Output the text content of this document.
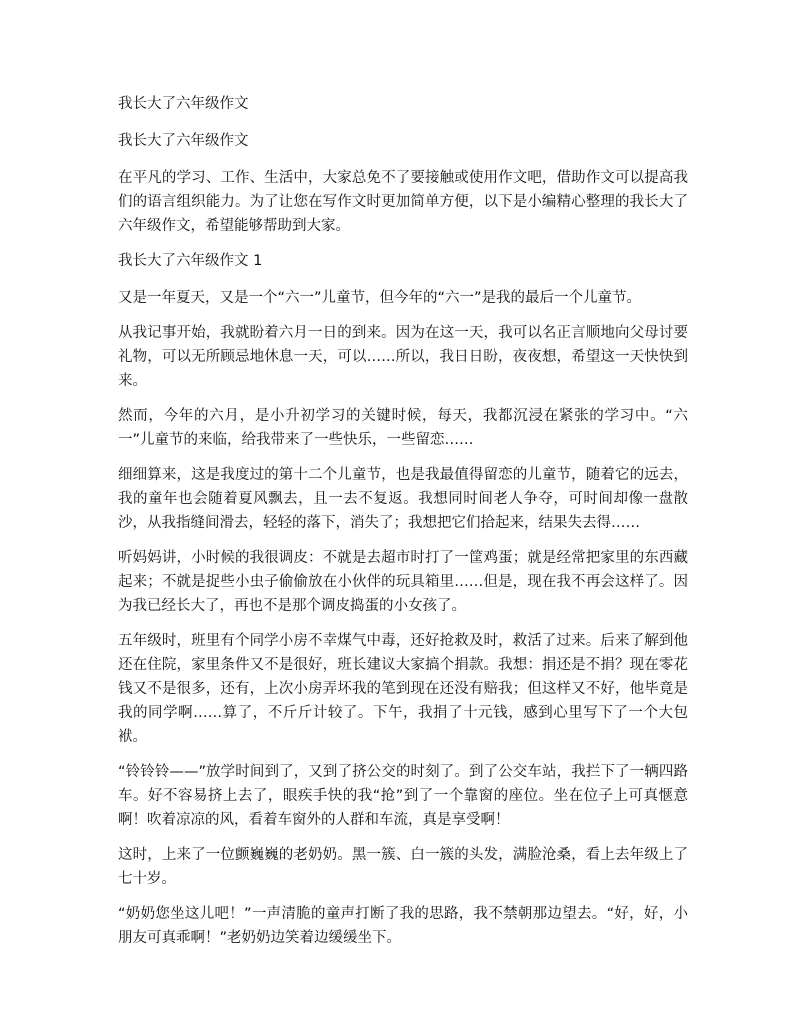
我长大了六年级作文
我长大了六年级作文

在平凡的学习、工作、生活中，大家总免不了要接触或使用作文吧，借助作文可以提高我们的语言组织能力。为了让您在写作文时更加简单方便，以下是小编精心整理的我长大了六年级作文，希望能够帮助到大家。

我长大了六年级作文 1

又是一年夏天，又是一个“六一”儿童节，但今年的“六一”是我的最后一个儿童节。

从我记事开始，我就盼着六月一日的到来。因为在这一天，我可以名正言顺地向父母讨要礼物，可以无所顾忌地休息一天，可以……所以，我日日盼，夜夜想，希望这一天快快到来。

然而，今年的六月，是小升初学习的关键时候，每天，我都沉浸在紧张的学习中。“六一”儿童节的来临，给我带来了一些快乐，一些留恋……

细细算来，这是我度过的第十二个儿童节，也是我最值得留恋的儿童节，随着它的远去，我的童年也会随着夏风飘去，且一去不复返。我想同时间老人争夺，可时间却像一盘散沙，从我指缝间滑去，轻轻的落下，消失了；我想把它们拾起来，结果失去得……

听妈妈讲，小时候的我很调皮：不就是去超市时打了一筐鸡蛋；就是经常把家里的东西藏起来；不就是捉些小虫子偷偷放在小伙伴的玩具箱里……但是，现在我不再会这样了。因为我已经长大了，再也不是那个调皮捣蛋的小女孩了。

五年级时，班里有个同学小房不幸煤气中毒，还好抢救及时，救活了过来。后来了解到他还在住院，家里条件又不是很好，班长建议大家搞个捐款。我想：捐还是不捐？现在零花钱又不是很多，还有，上次小房弄坏我的笔到现在还没有赔我；但这样又不好，他毕竟是我的同学啊……算了，不斤斤计较了。下午，我捐了十元钱，感到心里写下了一个大包袱。

“铃铃铃——”放学时间到了，又到了挤公交的时刻了。到了公交车站，我拦下了一辆四路车。好不容易挤上去了，眼疾手快的我“抢”到了一个靠窗的座位。坐在位子上可真惬意啊！吹着凉凉的风，看着车窗外的人群和车流，真是享受啊！

这时，上来了一位颤巍巍的老奶奶。黑一簇、白一簇的头发，满脸沧桑，看上去年级上了七十岁。

“奶奶您坐这儿吧！”一声清脆的童声打断了我的思路，我不禁朝那边望去。“好，好，小朋友可真乖啊！”老奶奶边笑着边缓缓坐下。
